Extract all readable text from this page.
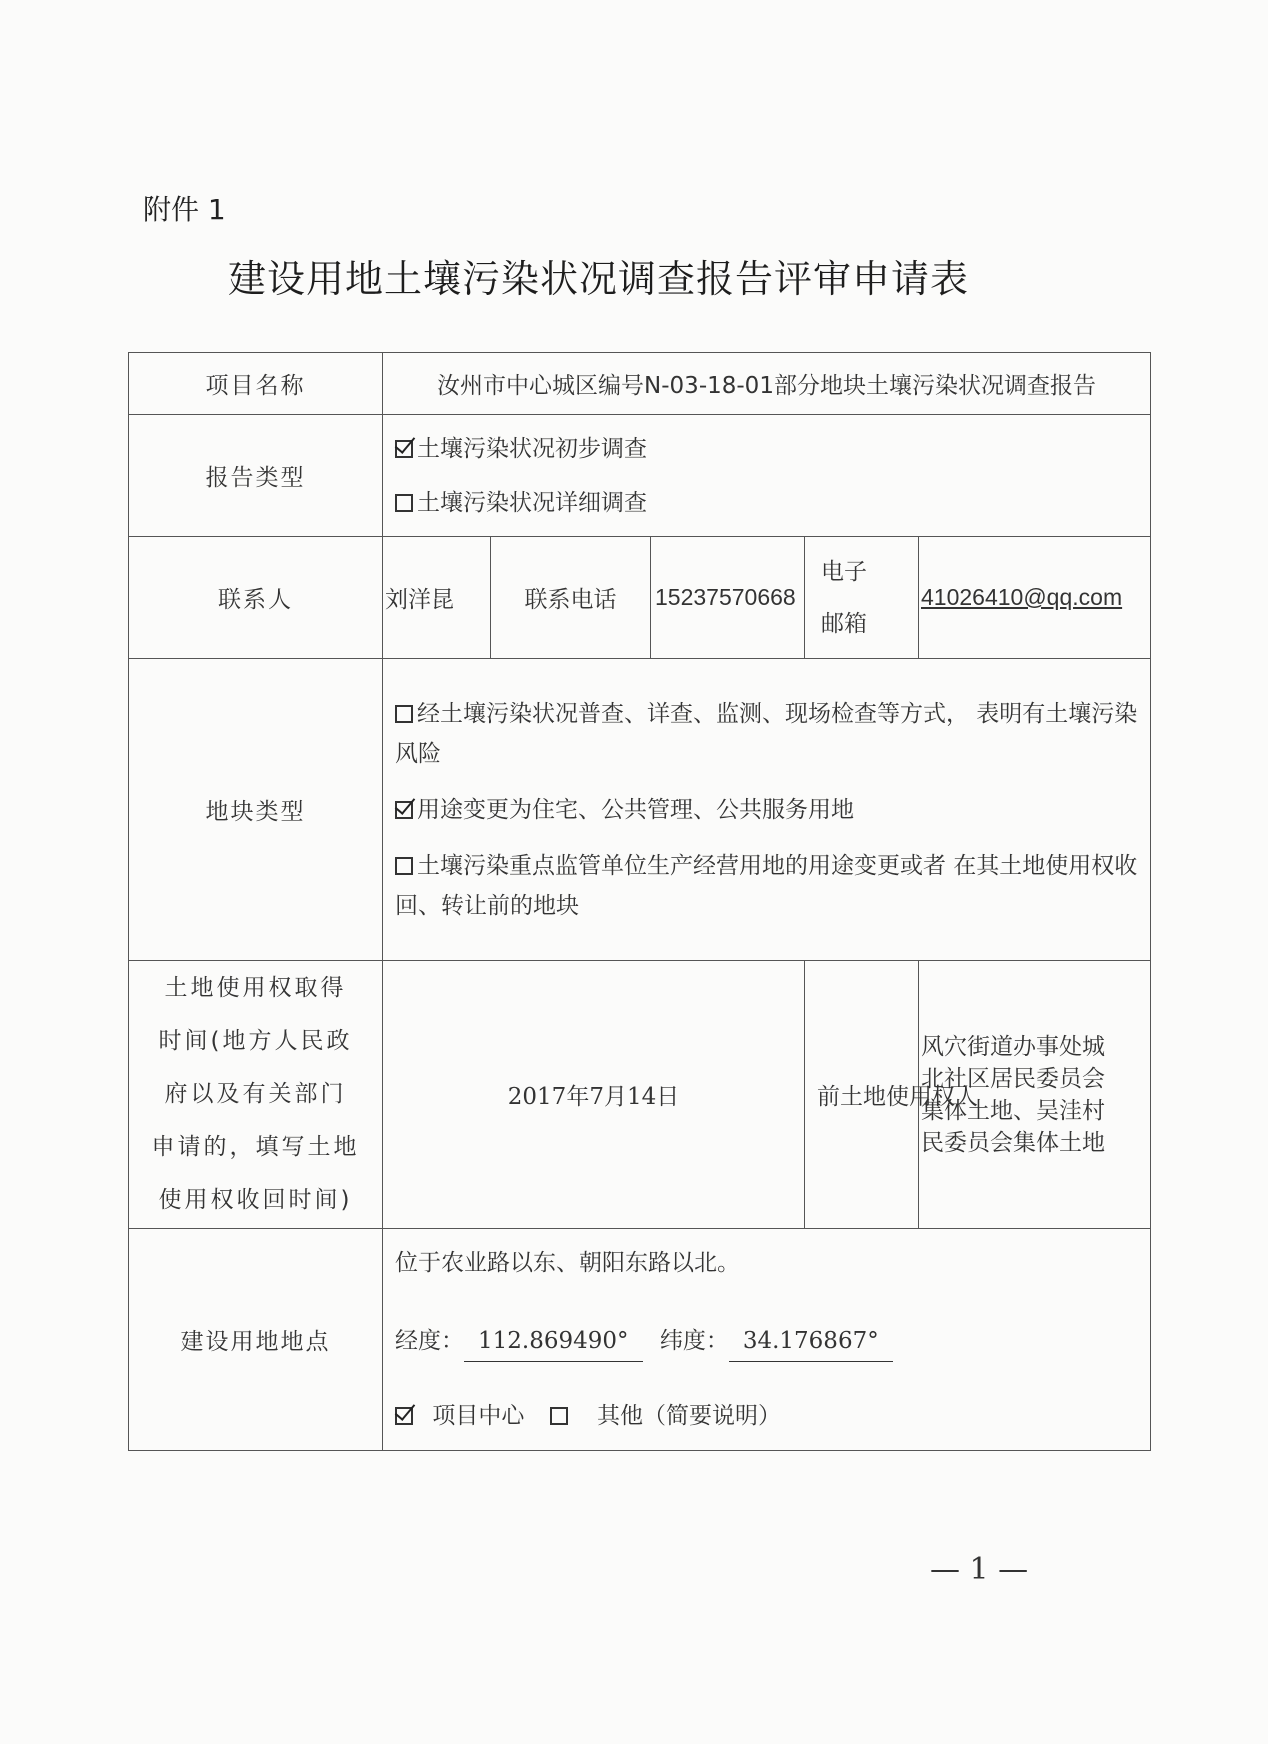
附件 1
建设用地土壤污染状况调查报告评审申请表
项目名称	汝州市中心城区编号N-03-18-01部分地块土壤污染状况调查报告				
报告类型	土壤污染状况初步调查
土壤污染状况详细调查				

联系人	刘洋昆	联系电话	15237570668	电子
邮箱	41026410@qq.com
地块类型	经土壤污染状况普查、详查、监测、现场检查等方式， 表明有土壤污染风险
用途变更为住宅、公共管理、公共服务用地
土壤污染重点监管单位生产经营用地的用途变更或者 在其土地使用权收回、转让前的地块				

土地使用权取得
时间(地方人民政
府以及有关部门
申请的，填写土地
使用权收回时间)	2017年7月14日			前土地使用权人	风穴街道办事处城
北社区居民委员会
集体土地、吴洼村
民委员会集体土地

建设用地地点	位于农业路以东、朝阳东路以北。
经度： 112.869490° 纬度： 34.176867°
项目中心 其他（简要说明）				
— 1 —
